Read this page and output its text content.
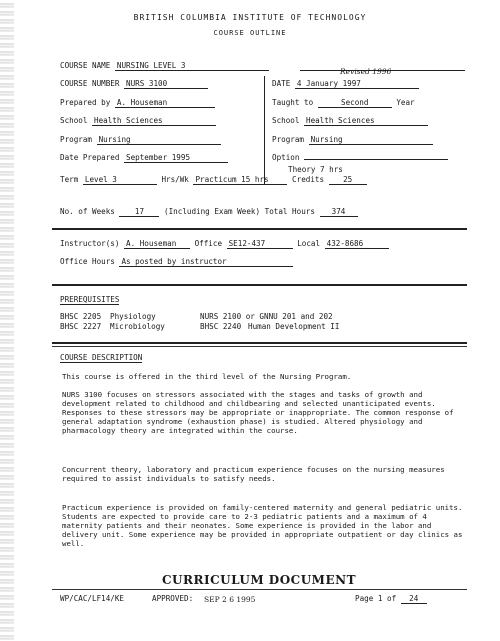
BRITISH COLUMBIA INSTITUTE OF TECHNOLOGY
COURSE OUTLINE
COURSE NAME NURSING LEVEL 3
COURSE NUMBER NURS 3100
Revised 1996
DATE 4 January 1997
Prepared by A. Houseman	Taught to	Second	Year
School Health Sciences	School Health Sciences
Program Nursing	Program Nursing
Date Prepared September 1995	Option
Theory 7 hrs
Term Level 3	Hrs/Wk Practicum 15 hrs	Credits	25
No. of Weeks	17	(Including Exam Week) Total Hours 374
Instructor(s) A. Houseman Office SE12-437	Local 432-8686
Office Hours As posted by instructor
PREREQUISITES
BHSC 2205 Physiology	NURS 2100 or GNNU 201 and 202
BHSC 2227 Microbiology	BHSC 2240 Human Development II
COURSE DESCRIPTION
This course is offered in the third level of the Nursing Program.
NURS 3100 focuses on stressors associated with the stages and tasks of growth and development related to childhood and childbearing and selected unanticipated events. Responses to these stressors may be appropriate or inappropriate. The common response of general adaptation syndrome (exhaustion phase) is studied. Altered physiology and pharmacology theory are integrated within the course.
Concurrent theory, laboratory and practicum experience focuses on the nursing measures required to assist individuals to satisfy needs.
Practicum experience is provided on family-centered maternity and general pediatric units. Students are expected to provide care to 2-3 pediatric patients and a maximum of 4 maternity patients and their neonates. Some experience is provided in the labor and delivery unit. Some experience may be provided in appropriate outpatient or day clinics as well.
CURRICULUM DOCUMENT
WP/CAC/LF14/KE	APPROVED: SEP 2 6 1995	Page 1 of 24
